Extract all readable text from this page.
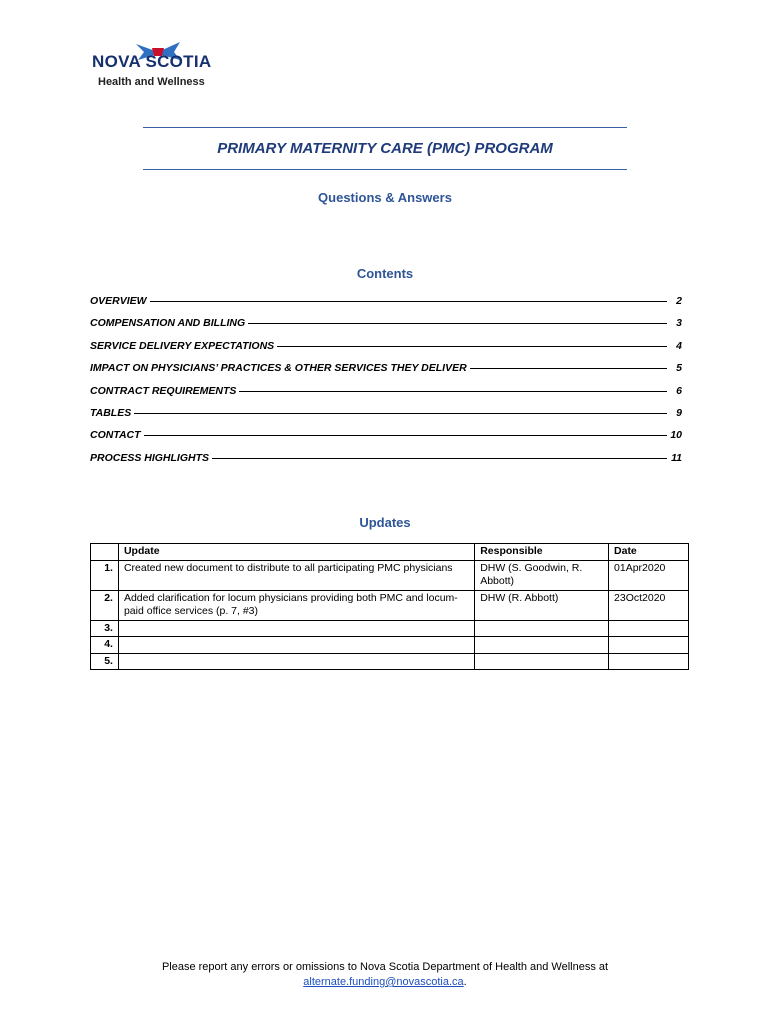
NOVA SCOTIA
Health and Wellness
PRIMARY MATERNITY CARE (PMC) PROGRAM
Questions & Answers
Contents
OVERVIEW	2
COMPENSATION AND BILLING	3
SERVICE DELIVERY EXPECTATIONS	4
IMPACT ON PHYSICIANS’ PRACTICES & OTHER SERVICES THEY DELIVER	5
CONTRACT REQUIREMENTS	6
TABLES	9
CONTACT	10
PROCESS HIGHLIGHTS	11
Updates
	Update	Responsible	Date
1.	Created new document to distribute to all participating PMC physicians	DHW (S. Goodwin, R. Abbott)	01Apr2020
2.	Added clarification for locum physicians providing both PMC and locum-paid office services (p. 7, #3)	DHW (R. Abbott)	23Oct2020
3.			
4.			
5.			
Please report any errors or omissions to Nova Scotia Department of Health and Wellness at
alternate.funding@novascotia.ca.
